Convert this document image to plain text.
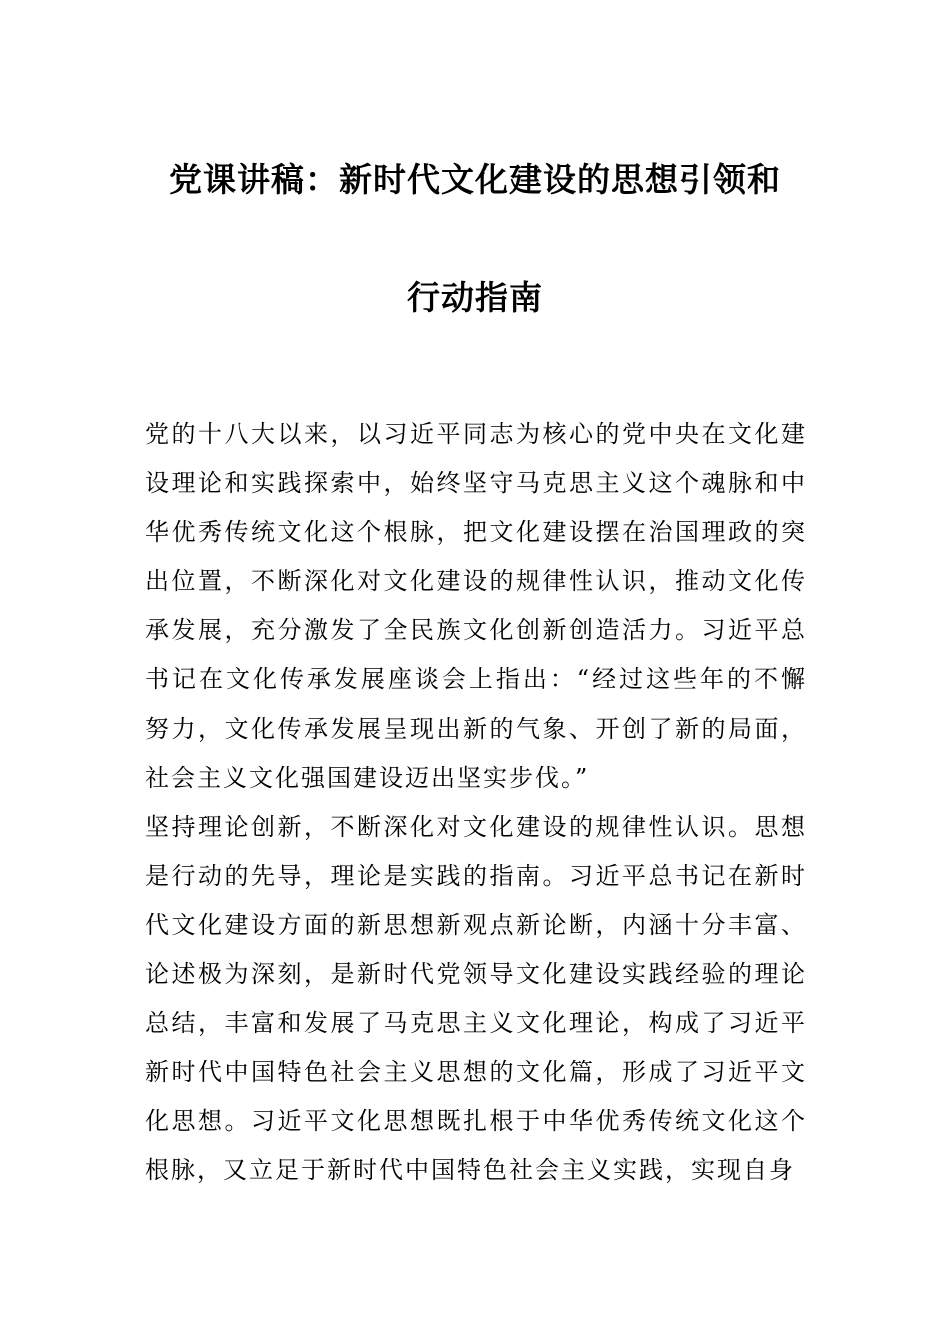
党课讲稿：新时代文化建设的思想引领和
行动指南

党的十八大以来，以习近平同志为核心的党中央在文化建设理论和实践探索中，始终坚守马克思主义这个魂脉和中华优秀传统文化这个根脉，把文化建设摆在治国理政的突出位置，不断深化对文化建设的规律性认识，推动文化传承发展，充分激发了全民族文化创新创造活力。习近平总书记在文化传承发展座谈会上指出：“经过这些年的不懈努力，文化传承发展呈现出新的气象、开创了新的局面，社会主义文化强国建设迈出坚实步伐。”

坚持理论创新，不断深化对文化建设的规律性认识。思想是行动的先导，理论是实践的指南。习近平总书记在新时代文化建设方面的新思想新观点新论断，内涵十分丰富、论述极为深刻，是新时代党领导文化建设实践经验的理论总结，丰富和发展了马克思主义文化理论，构成了习近平新时代中国特色社会主义思想的文化篇，形成了习近平文化思想。习近平文化思想既扎根于中华优秀传统文化这个根脉，又立足于新时代中国特色社会主义实践，实现自身
